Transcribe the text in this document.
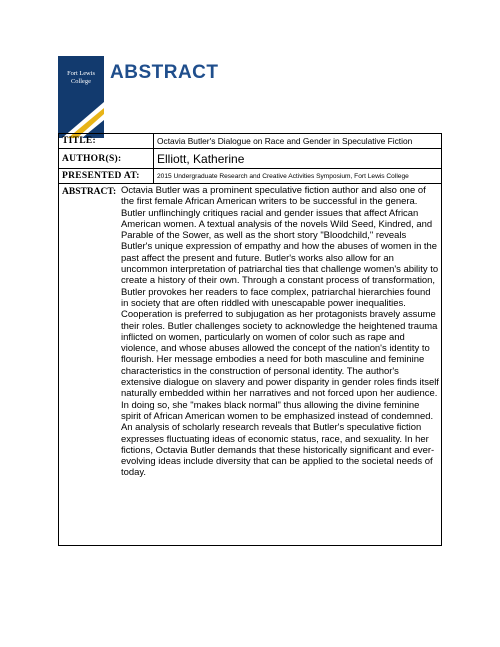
Fort Lewis
College ABSTRACT
TITLE:	Octavia Butler's Dialogue on Race and Gender in Speculative Fiction
AUTHOR(S):	Elliott, Katherine
PRESENTED AT:	2015 Undergraduate Research and Creative Activities Symposium, Fort Lewis College
ABSTRACT: Octavia Butler was a prominent speculative fiction author and also one of the first female African American writers to be successful in the genera. Butler unflinchingly critiques racial and gender issues that affect African American women. A textual analysis of the novels Wild Seed, Kindred, and Parable of the Sower, as well as the short story "Bloodchild," reveals Butler's unique expression of empathy and how the abuses of women in the past affect the present and future. Butler's works also allow for an uncommon interpretation of patriarchal ties that challenge women's ability to create a history of their own. Through a constant process of transformation, Butler provokes her readers to face complex, patriarchal hierarchies found in society that are often riddled with unescapable power inequalities. Cooperation is preferred to subjugation as her protagonists bravely assume their roles. Butler challenges society to acknowledge the heightened trauma inflicted on women, particularly on women of color such as rape and violence, and whose abuses allowed the concept of the nation's identity to flourish. Her message embodies a need for both masculine and feminine characteristics in the construction of personal identity. The author's extensive dialogue on slavery and power disparity in gender roles finds itself naturally embedded within her narratives and not forced upon her audience. In doing so, she "makes black normal" thus allowing the divine feminine spirit of African American women to be emphasized instead of condemned. An analysis of scholarly research reveals that Butler's speculative fiction expresses fluctuating ideas of economic status, race, and sexuality. In her fictions, Octavia Butler demands that these historically significant and ever-evolving ideas include diversity that can be applied to the societal needs of today.
